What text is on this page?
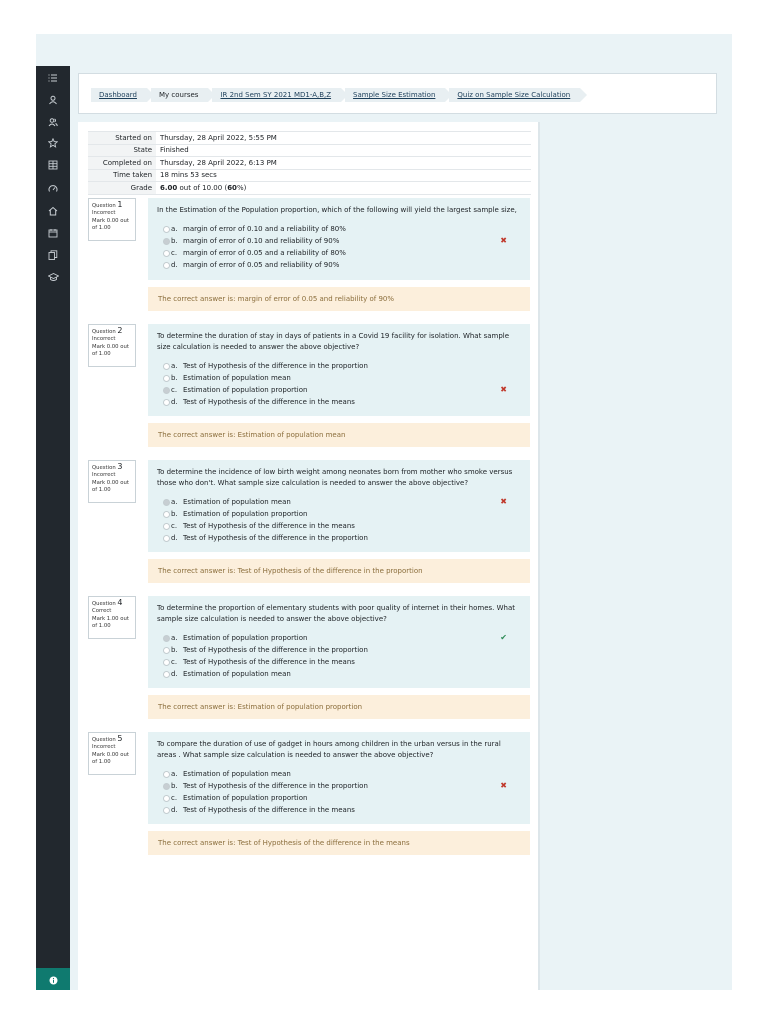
Dashboard	My courses	IR 2nd Sem SY 2021 MD1-A,B,Z	Sample Size Estimation	Quiz on Sample Size Calculation
Started on	Thursday, 28 April 2022, 5:55 PM
State	Finished
Completed on	Thursday, 28 April 2022, 6:13 PM
Time taken	18 mins 53 secs
Grade	6.00 out of 10.00 (60%)
Question 1
Incorrect
Mark 0.00 out of 1.00
In the Estimation of the Population proportion, which of the following will yield the largest sample size,
a. margin of error of 0.10 and a reliability of 80%
b. margin of error of 0.10 and reliability of 90%	✖
c. margin of error of 0.05 and a reliability of 80%
d. margin of error of 0.05 and reliability of 90%
The correct answer is: margin of error of 0.05 and reliability of 90%
Question 2
Incorrect
Mark 0.00 out of 1.00
To determine the duration of stay in days of patients in a Covid 19 facility for isolation. What sample size calculation is needed to answer the above objective?
a. Test of Hypothesis of the difference in the proportion
b. Estimation of population mean
c. Estimation of population proportion	✖
d. Test of Hypothesis of the difference in the means
The correct answer is: Estimation of population mean
Question 3
Incorrect
Mark 0.00 out of 1.00
To determine the incidence of low birth weight among neonates born from mother who smoke versus those who don't. What sample size calculation is needed to answer the above objective?
a. Estimation of population mean	✖
b. Estimation of population proportion
c. Test of Hypothesis of the difference in the means
d. Test of Hypothesis of the difference in the proportion
The correct answer is: Test of Hypothesis of the difference in the proportion
Question 4
Correct
Mark 1.00 out of 1.00
To determine the proportion of elementary students with poor quality of internet in their homes. What sample size calculation is needed to answer the above objective?
a. Estimation of population proportion	✔
b. Test of Hypothesis of the difference in the proportion
c. Test of Hypothesis of the difference in the means
d. Estimation of population mean
The correct answer is: Estimation of population proportion
Question 5
Incorrect
Mark 0.00 out of 1.00
To compare the duration of use of gadget in hours among children in the urban versus in the rural areas . What sample size calculation is needed to answer the above objective?
a. Estimation of population mean
b. Test of Hypothesis of the difference in the proportion	✖
c. Estimation of population proportion
d. Test of Hypothesis of the difference in the means
The correct answer is: Test of Hypothesis of the difference in the means
